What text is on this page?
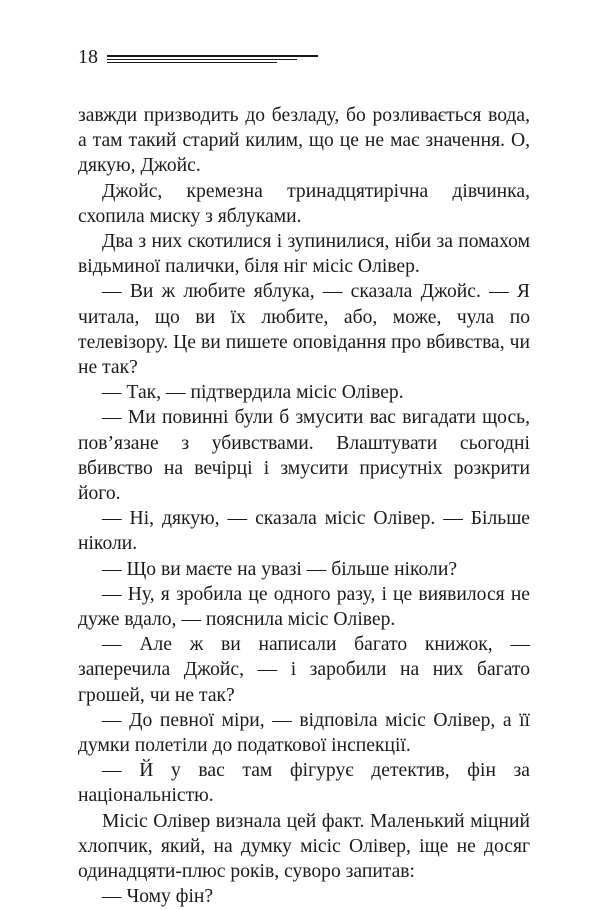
18

завжди призводить до безладу, бо розливається вода, а там такий старий килим, що це не має значення. О, дякую, Джойс.

Джойс, кремезна тринадцятирічна дівчинка, схопила миску з яблуками.

Два з них скотилися і зупинилися, ніби за помахом відьминої палички, біля ніг місіс Олівер.

— Ви ж любите яблука, — сказала Джойс. — Я читала, що ви їх любите, або, може, чула по телевізору. Це ви пишете оповідання про вбивства, чи не так?

— Так, — підтвердила місіс Олівер.

— Ми повинні були б змусити вас вигадати щось, пов’язане з убивствами. Влаштувати сьогодні вбивство на вечірці і змусити присутніх розкрити його.

— Ні, дякую, — сказала місіс Олівер. — Більше ніколи.

— Що ви маєте на увазі — більше ніколи?

— Ну, я зробила це одного разу, і це виявилося не дуже вдало, — пояснила місіс Олівер.

— Але ж ви написали багато книжок, — заперечила Джойс, — і заробили на них багато грошей, чи не так?

— До певної міри, — відповіла місіс Олівер, а її думки полетіли до податкової інспекції.

— Й у вас там фігурує детектив, фін за національністю.

Місіс Олівер визнала цей факт. Маленький міцний хлопчик, який, на думку місіс Олівер, іще не досяг одинадцяти-плюс років, суворо запитав:

— Чому фін?
